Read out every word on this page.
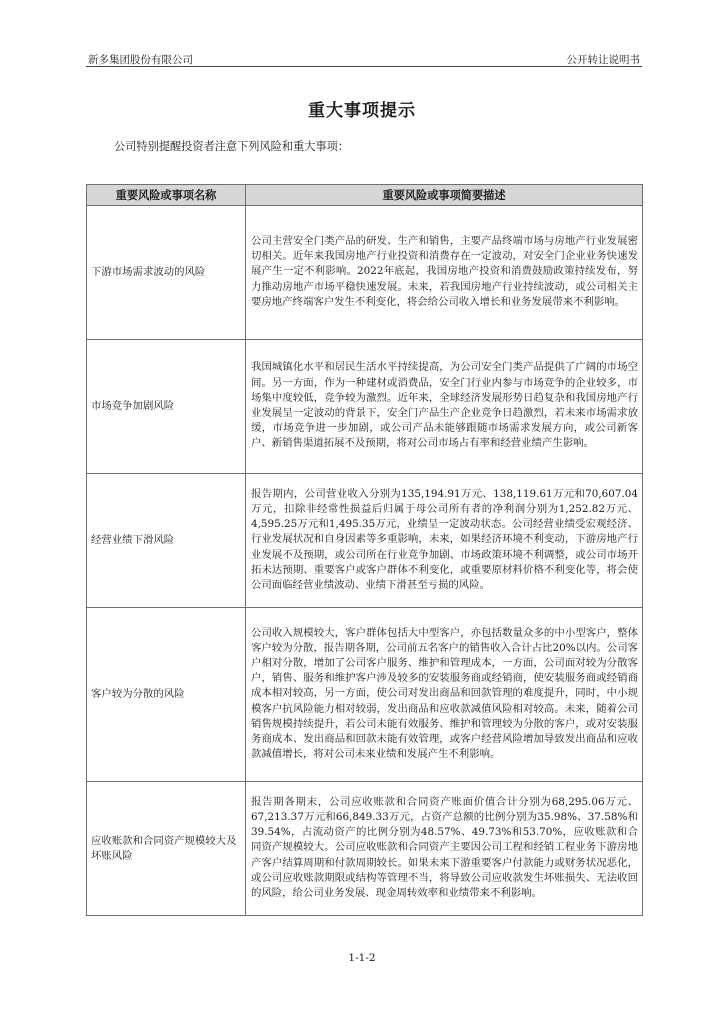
新多集团股份有限公司	公开转让说明书
重大事项提示
公司特别提醒投资者注意下列风险和重大事项：
重要风险或事项名称	重要风险或事项简要描述
下游市场需求波动的风险	公司主营安全门类产品的研发、生产和销售，主要产品终端市场与房地产行业发展密切相关。近年来我国房地产行业投资和消费存在一定波动，对安全门企业业务快速发展产生一定不利影响。2022年底起，我国房地产投资和消费鼓励政策持续发布，努力推动房地产市场平稳快速发展。未来，若我国房地产行业持续波动，或公司相关主要房地产终端客户发生不利变化，将会给公司收入增长和业务发展带来不利影响。
市场竞争加剧风险	我国城镇化水平和居民生活水平持续提高，为公司安全门类产品提供了广阔的市场空间。另一方面，作为一种建材或消费品，安全门行业内参与市场竞争的企业较多，市场集中度较低，竞争较为激烈。近年来，全球经济发展形势日趋复杂和我国房地产行业发展呈一定波动的背景下，安全门产品生产企业竞争日趋激烈，若未来市场需求放缓，市场竞争进一步加剧，或公司产品未能够跟随市场需求发展方向，或公司新客户、新销售渠道拓展不及预期，将对公司市场占有率和经营业绩产生影响。
经营业绩下滑风险	报告期内，公司营业收入分别为135,194.91万元、138,119.61万元和70,607.04万元，扣除非经常性损益后归属于母公司所有者的净利润分别为1,252.82万元、4,595.25万元和1,495.35万元，业绩呈一定波动状态。公司经营业绩受宏观经济、行业发展状况和自身因素等多重影响，未来，如果经济环境不利变动，下游房地产行业发展不及预期，或公司所在行业竞争加剧、市场政策环境不利调整，或公司市场开拓未达预期、重要客户或客户群体不利变化，或重要原材料价格不利变化等，将会使公司面临经营业绩波动、业绩下滑甚至亏损的风险。
客户较为分散的风险	公司收入规模较大，客户群体包括大中型客户，亦包括数量众多的中小型客户，整体客户较为分散，报告期各期，公司前五名客户的销售收入合计占比20%以内。公司客户相对分散，增加了公司客户服务、维护和管理成本，一方面，公司面对较为分散客户，销售、服务和维护客户涉及较多的安装服务商或经销商，使安装服务商或经销商成本相对较高，另一方面，使公司对发出商品和回款管理的难度提升，同时，中小规模客户抗风险能力相对较弱，发出商品和应收款减值风险相对较高。未来，随着公司销售规模持续提升，若公司未能有效服务、维护和管理较为分散的客户，或对安装服务商成本、发出商品和回款未能有效管理，或客户经营风险增加导致发出商品和应收款减值增长，将对公司未来业绩和发展产生不利影响。
应收账款和合同资产规模较大及坏账风险	报告期各期末，公司应收账款和合同资产账面价值合计分别为68,295.06万元、67,213.37万元和66,849.33万元，占资产总额的比例分别为35.98%、37.58%和39.54%，占流动资产的比例分别为48.57%、49.73%和53.70%，应收账款和合同资产规模较大。公司应收账款和合同资产主要因公司工程和经销工程业务下游房地产客户结算周期和付款周期较长。如果未来下游重要客户付款能力或财务状况恶化，或公司应收账款期限或结构等管理不当，将导致公司应收款发生坏账损失、无法收回的风险，给公司业务发展、现金周转效率和业绩带来不利影响。
1-1-2
